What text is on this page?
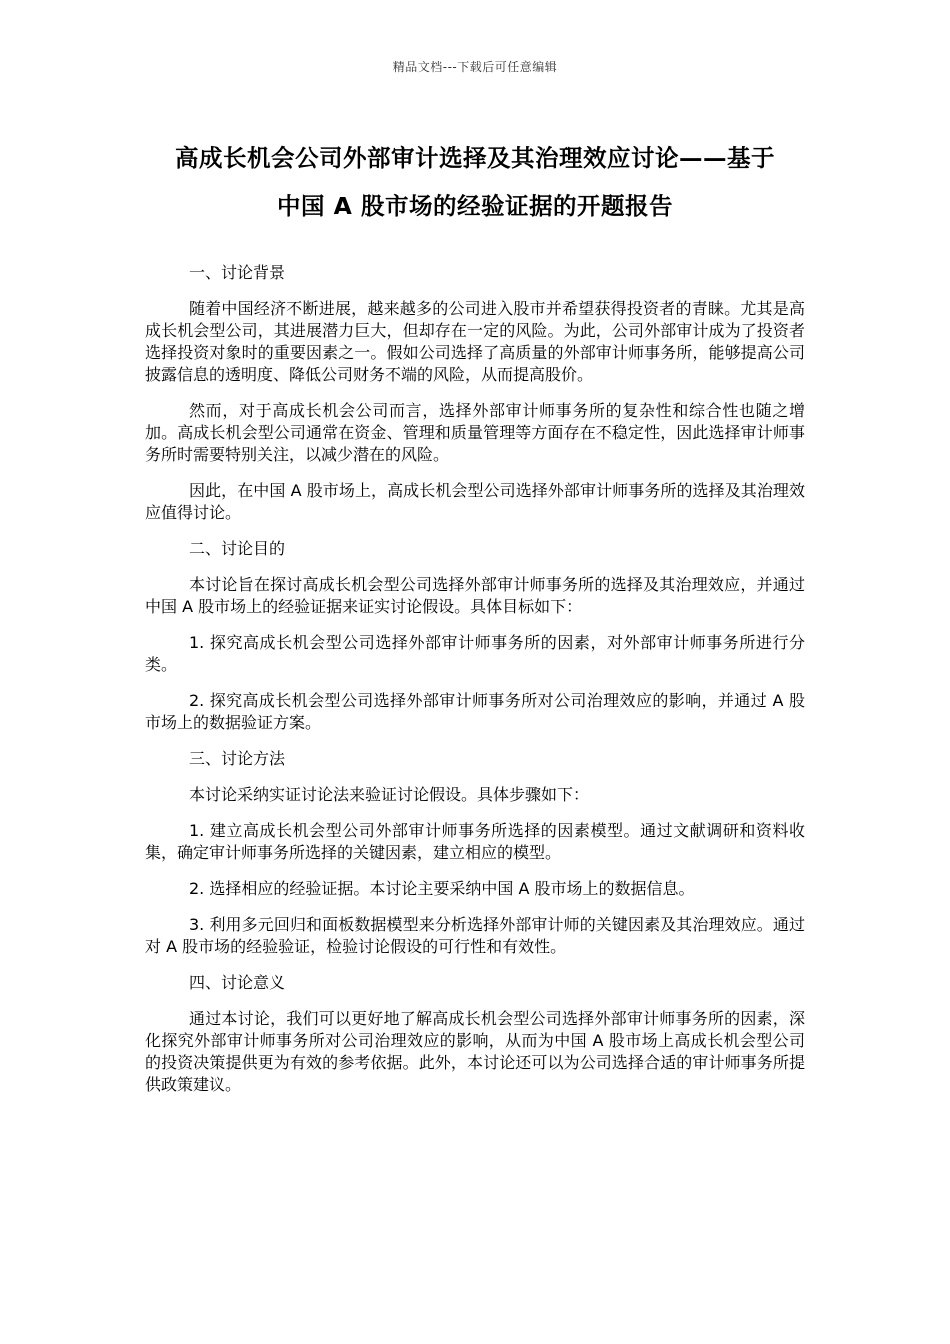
精品文档---下载后可任意编辑
高成长机会公司外部审计选择及其治理效应讨论——基于
中国 A 股市场的经验证据的开题报告

一、讨论背景

随着中国经济不断进展，越来越多的公司进入股市并希望获得投资者的青睐。尤其是高成长机会型公司，其进展潜力巨大，但却存在一定的风险。为此，公司外部审计成为了投资者选择投资对象时的重要因素之一。假如公司选择了高质量的外部审计师事务所，能够提高公司披露信息的透明度、降低公司财务不端的风险，从而提高股价。

然而，对于高成长机会公司而言，选择外部审计师事务所的复杂性和综合性也随之增加。高成长机会型公司通常在资金、管理和质量管理等方面存在不稳定性，因此选择审计师事务所时需要特别关注，以减少潜在的风险。

因此，在中国 A 股市场上，高成长机会型公司选择外部审计师事务所的选择及其治理效应值得讨论。

二、讨论目的

本讨论旨在探讨高成长机会型公司选择外部审计师事务所的选择及其治理效应，并通过中国 A 股市场上的经验证据来证实讨论假设。具体目标如下：

1. 探究高成长机会型公司选择外部审计师事务所的因素，对外部审计师事务所进行分类。

2. 探究高成长机会型公司选择外部审计师事务所对公司治理效应的影响，并通过 A 股市场上的数据验证方案。

三、讨论方法

本讨论采纳实证讨论法来验证讨论假设。具体步骤如下：

1. 建立高成长机会型公司外部审计师事务所选择的因素模型。通过文献调研和资料收集，确定审计师事务所选择的关键因素，建立相应的模型。

2. 选择相应的经验证据。本讨论主要采纳中国 A 股市场上的数据信息。

3. 利用多元回归和面板数据模型来分析选择外部审计师的关键因素及其治理效应。通过对 A 股市场的经验验证，检验讨论假设的可行性和有效性。

四、讨论意义

通过本讨论，我们可以更好地了解高成长机会型公司选择外部审计师事务所的因素，深化探究外部审计师事务所对公司治理效应的影响，从而为中国 A 股市场上高成长机会型公司的投资决策提供更为有效的参考依据。此外，本讨论还可以为公司选择合适的审计师事务所提供政策建议。
